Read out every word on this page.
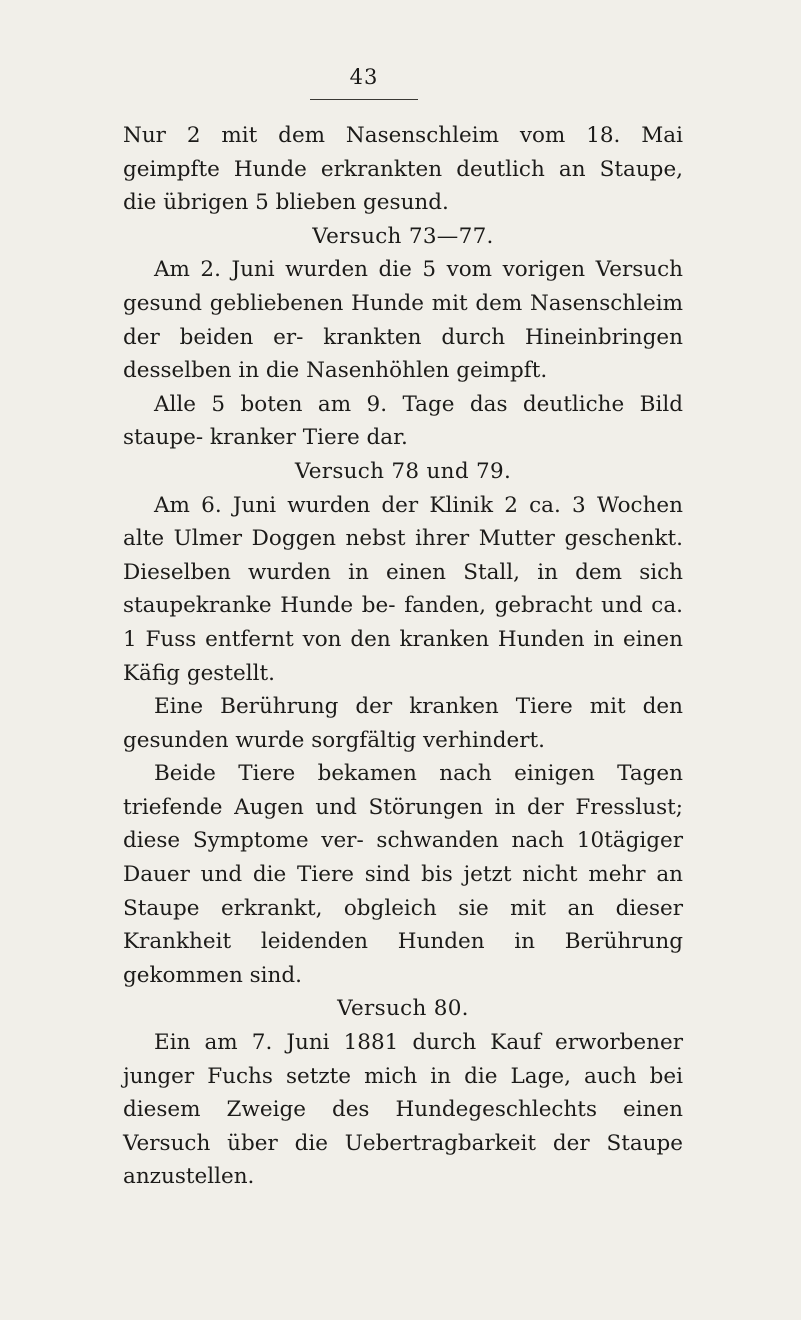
43

Nur 2 mit dem Nasenschleim vom 18. Mai geimpfte Hunde erkrankten deutlich an Staupe, die übrigen 5 blieben gesund.

Versuch 73—77.

Am 2. Juni wurden die 5 vom vorigen Versuch gesund gebliebenen Hunde mit dem Nasenschleim der beiden er- krankten durch Hineinbringen desselben in die Nasenhöhlen geimpft.

Alle 5 boten am 9. Tage das deutliche Bild staupe- kranker Tiere dar.

Versuch 78 und 79.

Am 6. Juni wurden der Klinik 2 ca. 3 Wochen alte Ulmer Doggen nebst ihrer Mutter geschenkt. Dieselben wurden in einen Stall, in dem sich staupekranke Hunde be- fanden, gebracht und ca. 1 Fuss entfernt von den kranken Hunden in einen Käfig gestellt.

Eine Berührung der kranken Tiere mit den gesunden wurde sorgfältig verhindert.

Beide Tiere bekamen nach einigen Tagen triefende Augen und Störungen in der Fresslust; diese Symptome ver- schwanden nach 10tägiger Dauer und die Tiere sind bis jetzt nicht mehr an Staupe erkrankt, obgleich sie mit an dieser Krankheit leidenden Hunden in Berührung gekommen sind.

Versuch 80.

Ein am 7. Juni 1881 durch Kauf erworbener junger Fuchs setzte mich in die Lage, auch bei diesem Zweige des Hundegeschlechts einen Versuch über die Uebertragbarkeit der Staupe anzustellen.
